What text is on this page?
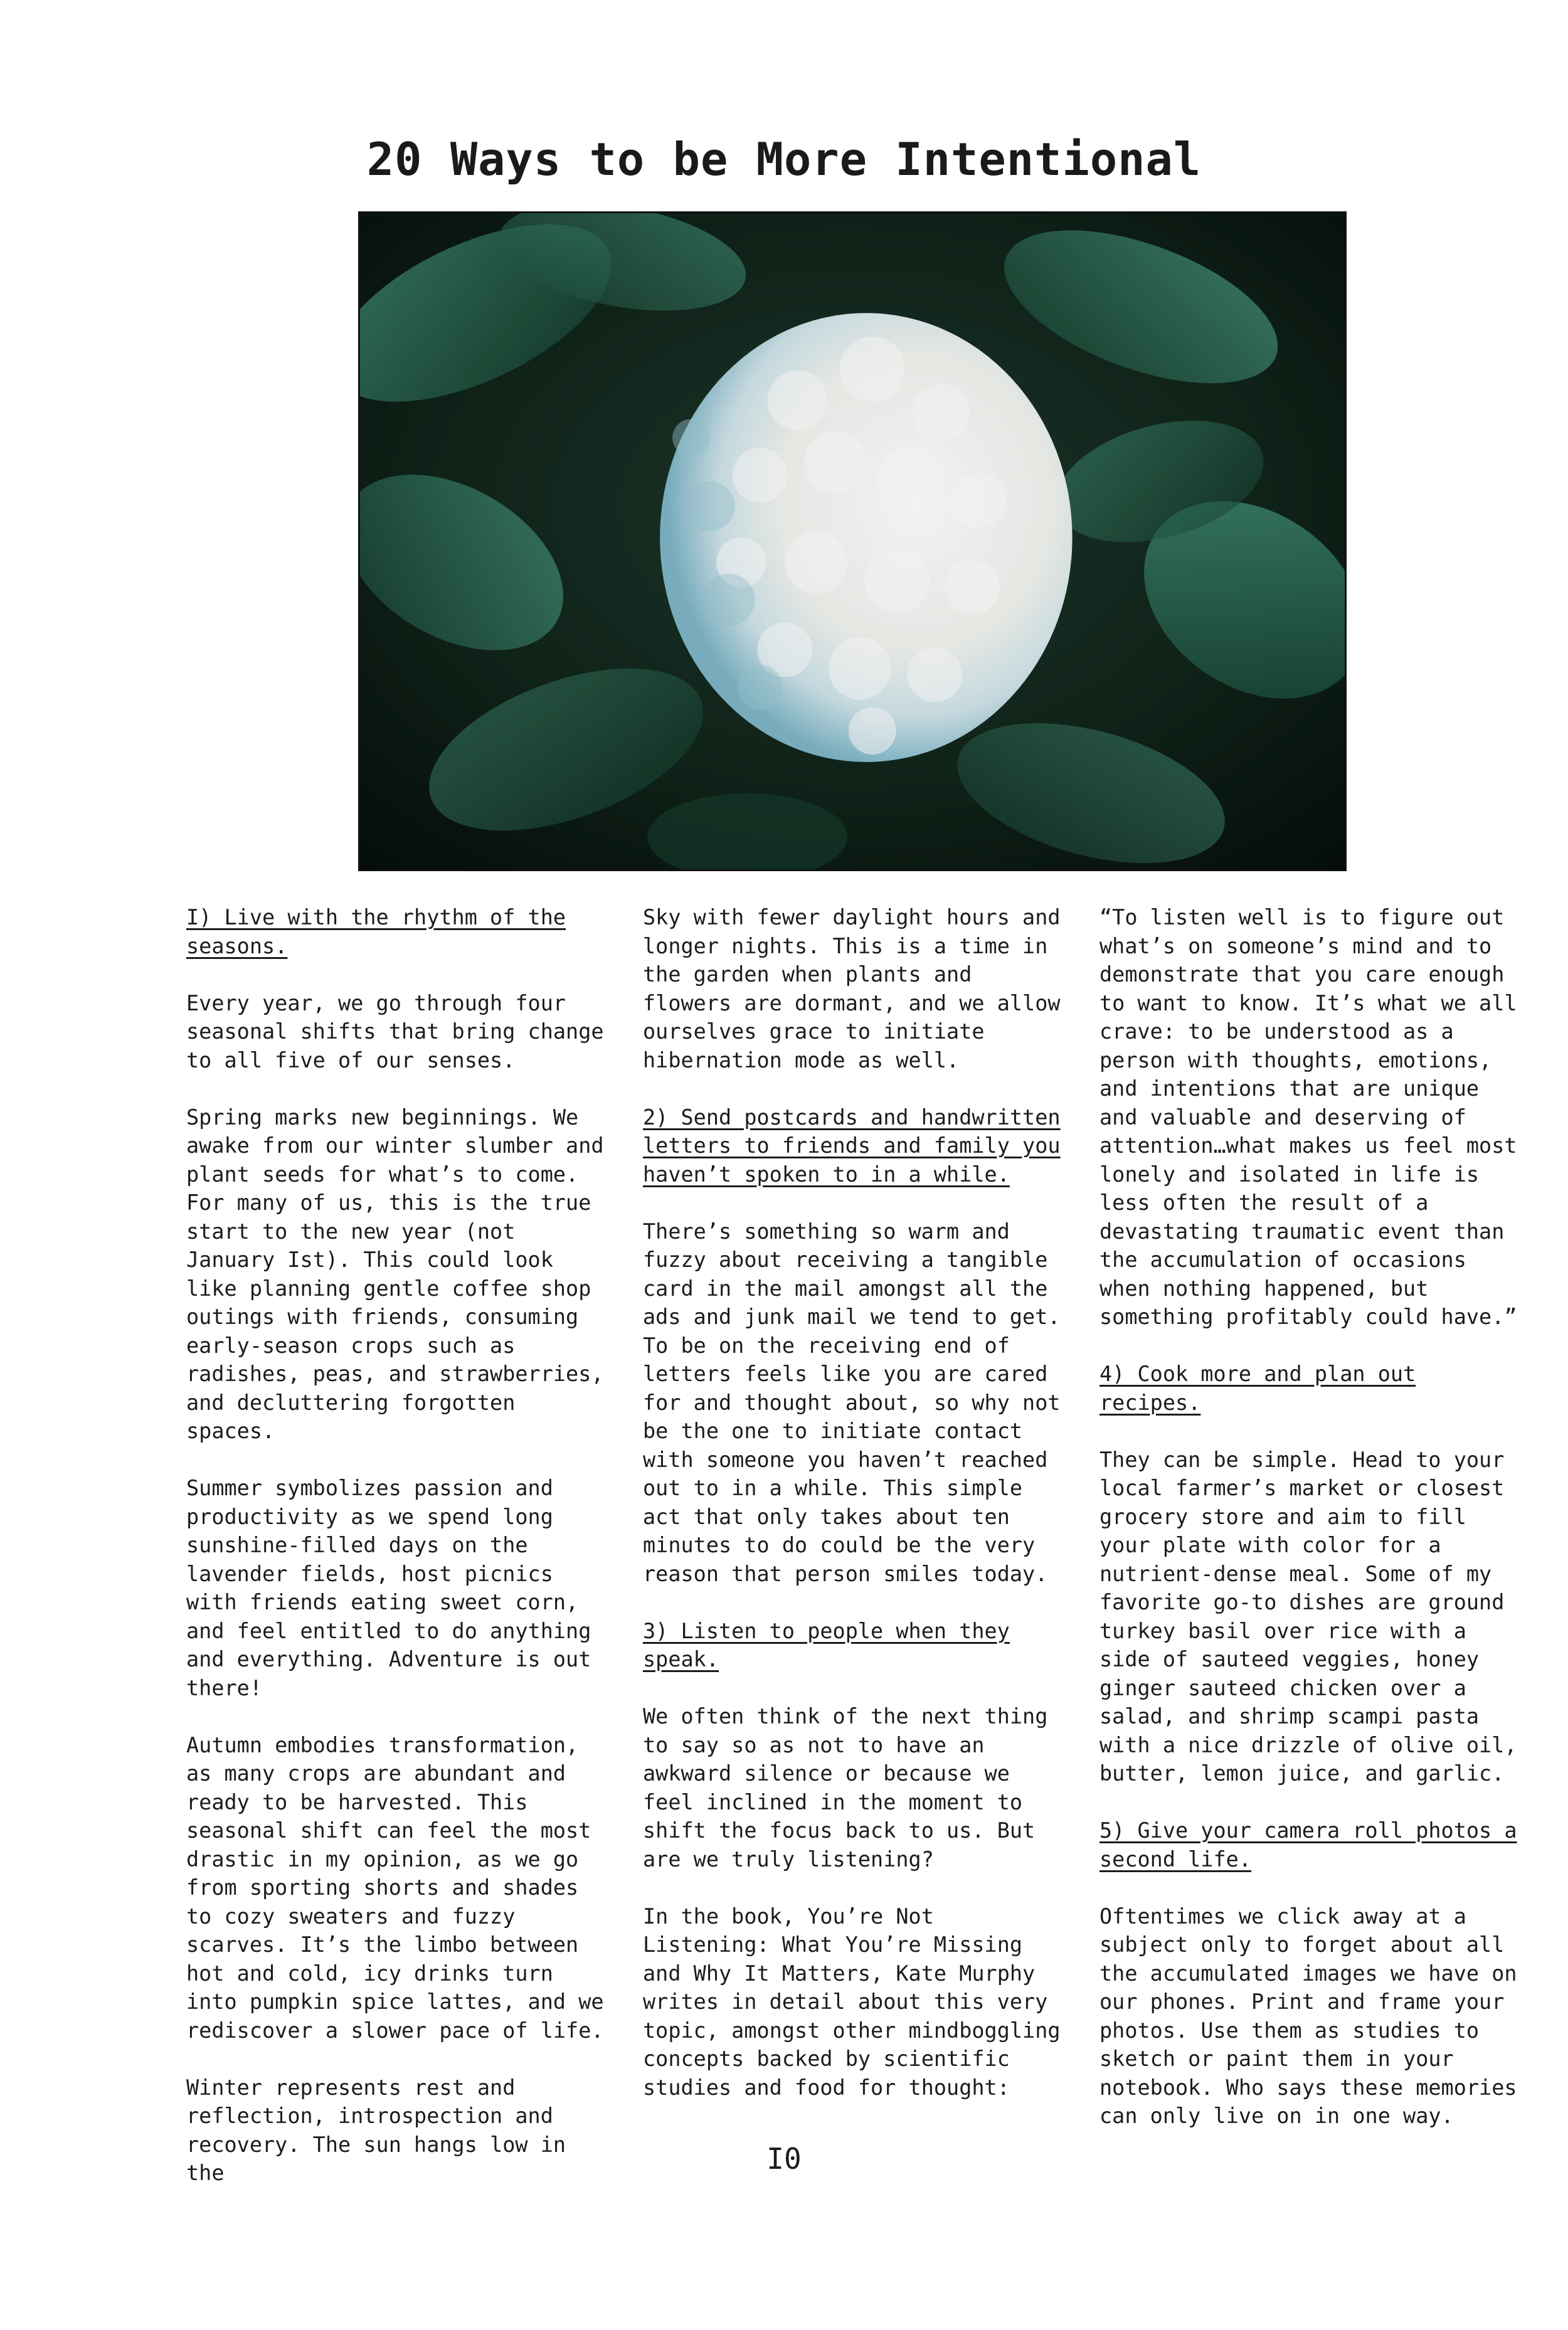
20 Ways to be More Intentional

I) Live with the rhythm of the seasons.

Every year, we go through four seasonal shifts that bring change to all five of our senses.

Spring marks new beginnings. We awake from our winter slumber and plant seeds for what’s to come. For many of us, this is the true start to the new year (not January Ist). This could look like planning gentle coffee shop outings with friends, consuming early-season crops such as radishes, peas, and strawberries, and decluttering forgotten spaces.

Summer symbolizes passion and productivity as we spend long sunshine-filled days on the lavender fields, host picnics with friends eating sweet corn, and feel entitled to do anything and everything. Adventure is out there!

Autumn embodies transformation, as many crops are abundant and ready to be harvested. This seasonal shift can feel the most drastic in my opinion, as we go from sporting shorts and shades to cozy sweaters and fuzzy scarves. It’s the limbo between hot and cold, icy drinks turn into pumpkin spice lattes, and we rediscover a slower pace of life.

Winter represents rest and reflection, introspection and recovery. The sun hangs low in the

Sky with fewer daylight hours and longer nights. This is a time in the garden when plants and flowers are dormant, and we allow ourselves grace to initiate hibernation mode as well.

2) Send postcards and handwritten letters to friends and family you haven’t spoken to in a while.

There’s something so warm and fuzzy about receiving a tangible card in the mail amongst all the ads and junk mail we tend to get. To be on the receiving end of letters feels like you are cared for and thought about, so why not be the one to initiate contact with someone you haven’t reached out to in a while. This simple act that only takes about ten minutes to do could be the very reason that person smiles today.

3) Listen to people when they speak.

We often think of the next thing to say so as not to have an awkward silence or because we feel inclined in the moment to shift the focus back to us. But are we truly listening?

In the book, You’re Not Listening: What You’re Missing and Why It Matters, Kate Murphy writes in detail about this very topic, amongst other mindboggling concepts backed by scientific studies and food for thought:

“To listen well is to figure out what’s on someone’s mind and to demonstrate that you care enough to want to know. It’s what we all crave: to be understood as a person with thoughts, emotions, and intentions that are unique and valuable and deserving of attention…what makes us feel most lonely and isolated in life is less often the result of a devastating traumatic event than the accumulation of occasions when nothing happened, but something profitably could have.”

4) Cook more and plan out recipes.

They can be simple. Head to your local farmer’s market or closest grocery store and aim to fill your plate with color for a nutrient-dense meal. Some of my favorite go-to dishes are ground turkey basil over rice with a side of sauteed veggies, honey ginger sauteed chicken over a salad, and shrimp scampi pasta with a nice drizzle of olive oil, butter, lemon juice, and garlic.

5) Give your camera roll photos a second life.

Oftentimes we click away at a subject only to forget about all the accumulated images we have on our phones. Print and frame your photos. Use them as studies to sketch or paint them in your notebook. Who says these memories can only live on in one way.

I0
